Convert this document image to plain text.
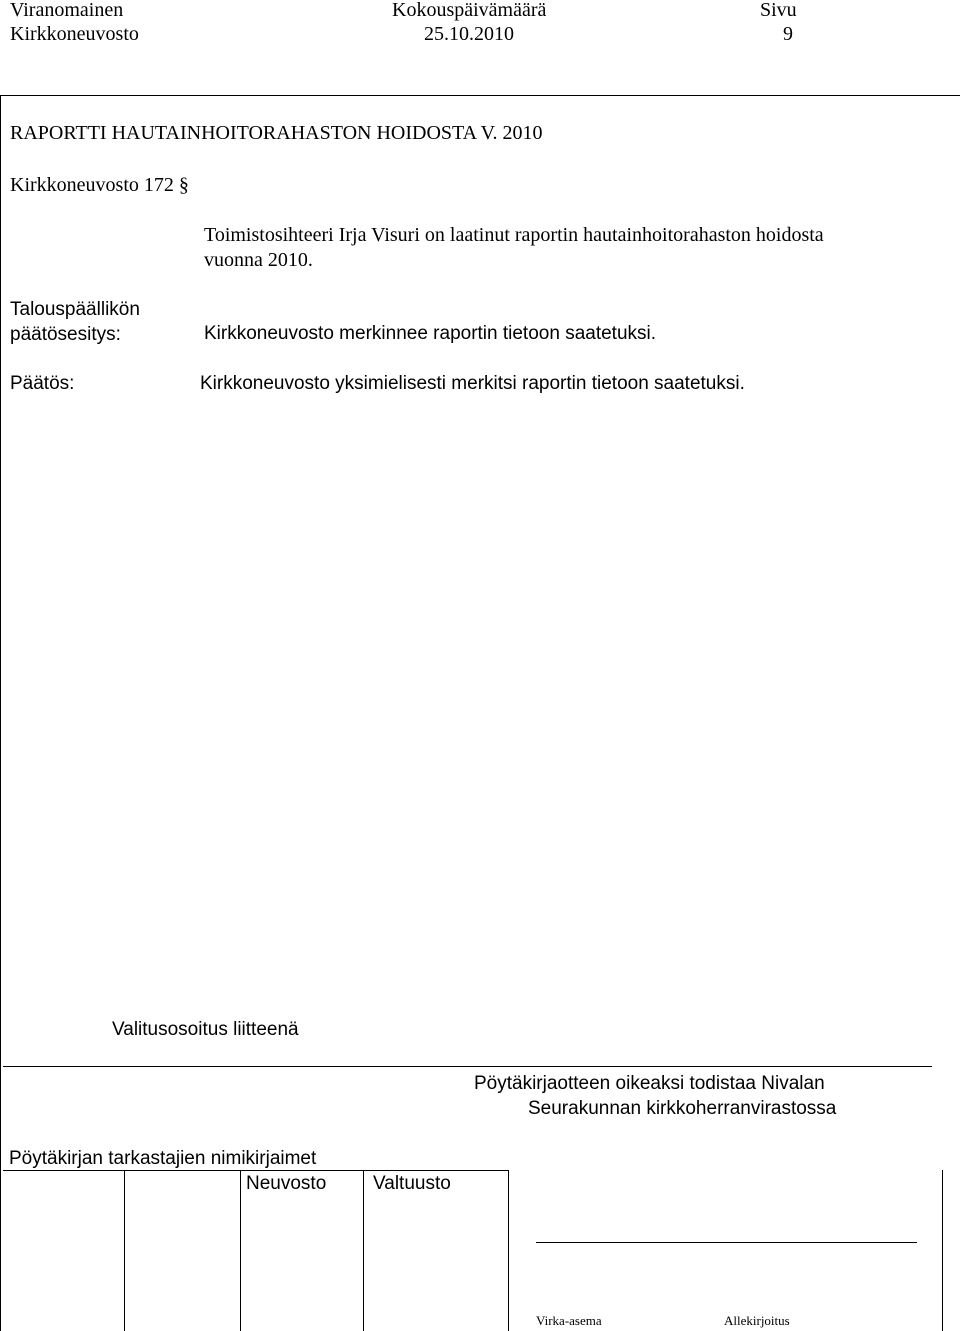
Viranomainen	Kokouspäivämäärä	Sivu
Kirkkoneuvosto	25.10.2010	9
RAPORTTI HAUTAINHOITORAHASTON HOIDOSTA V. 2010
Kirkkoneuvosto 172 §
Toimistosihteeri Irja Visuri on laatinut raportin hautainhoitorahaston hoidosta
vuonna 2010.
Talouspäällikön
päätösesitys:	Kirkkoneuvosto merkinnee raportin tietoon saatetuksi.
Päätös:	Kirkkoneuvosto yksimielisesti merkitsi raportin tietoon saatetuksi.
Valitusosoitus liitteenä
Pöytäkirjaotteen oikeaksi todistaa Nivalan
Seurakunnan kirkkoherranvirastossa
Pöytäkirjan tarkastajien nimikirjaimet
Neuvosto Valtuusto
Virka-asema	Allekirjoitus
